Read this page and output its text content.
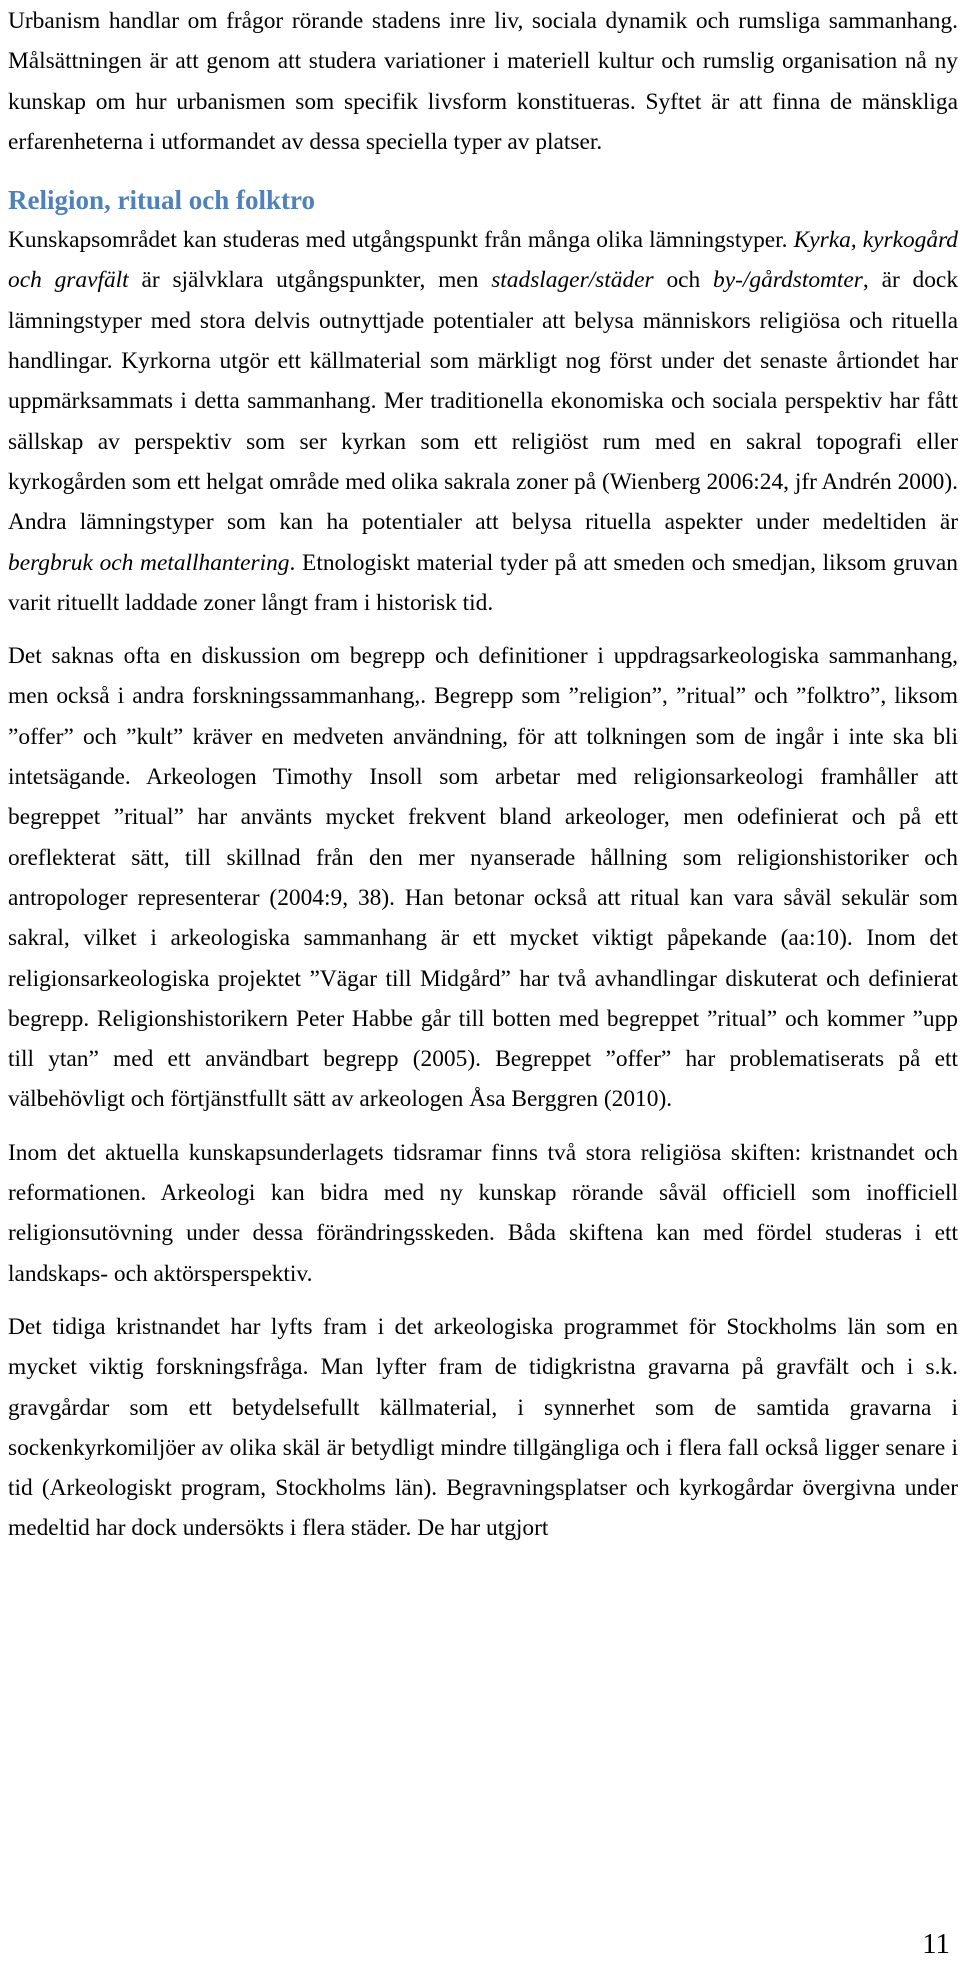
Urbanism handlar om frågor rörande stadens inre liv, sociala dynamik och rumsliga sammanhang. Målsättningen är att genom att studera variationer i materiell kultur och rumslig organisation nå ny kunskap om hur urbanismen som specifik livsform konstitueras. Syftet är att finna de mänskliga erfarenheterna i utformandet av dessa speciella typer av platser.

Religion, ritual och folktro

Kunskapsområdet kan studeras med utgångspunkt från många olika lämningstyper. Kyrka, kyrkogård och gravfält är självklara utgångspunkter, men stadslager/städer och by-/gårdstomter, är dock lämningstyper med stora delvis outnyttjade potentialer att belysa människors religiösa och rituella handlingar. Kyrkorna utgör ett källmaterial som märkligt nog först under det senaste årtiondet har uppmärksammats i detta sammanhang. Mer traditionella ekonomiska och sociala perspektiv har fått sällskap av perspektiv som ser kyrkan som ett religiöst rum med en sakral topografi eller kyrkogården som ett helgat område med olika sakrala zoner på (Wienberg 2006:24, jfr Andrén 2000). Andra lämningstyper som kan ha potentialer att belysa rituella aspekter under medeltiden är bergbruk och metallhantering. Etnologiskt material tyder på att smeden och smedjan, liksom gruvan varit rituellt laddade zoner långt fram i historisk tid.

Det saknas ofta en diskussion om begrepp och definitioner i uppdragsarkeologiska sammanhang, men också i andra forskningssammanhang,. Begrepp som ”religion”, ”ritual” och ”folktro”, liksom ”offer” och ”kult” kräver en medveten användning, för att tolkningen som de ingår i inte ska bli intetsägande. Arkeologen Timothy Insoll som arbetar med religionsarkeologi framhåller att begreppet ”ritual” har använts mycket frekvent bland arkeologer, men odefinierat och på ett oreflekterat sätt, till skillnad från den mer nyanserade hållning som religionshistoriker och antropologer representerar (2004:9, 38). Han betonar också att ritual kan vara såväl sekulär som sakral, vilket i arkeologiska sammanhang är ett mycket viktigt påpekande (aa:10). Inom det religionsarkeologiska projektet ”Vägar till Midgård” har två avhandlingar diskuterat och definierat begrepp. Religionshistorikern Peter Habbe går till botten med begreppet ”ritual” och kommer ”upp till ytan” med ett användbart begrepp (2005). Begreppet ”offer” har problematiserats på ett välbehövligt och förtjänstfullt sätt av arkeologen Åsa Berggren (2010).

Inom det aktuella kunskapsunderlagets tidsramar finns två stora religiösa skiften: kristnandet och reformationen. Arkeologi kan bidra med ny kunskap rörande såväl officiell som inofficiell religionsutövning under dessa förändringsskeden. Båda skiftena kan med fördel studeras i ett landskaps- och aktörsperspektiv.

Det tidiga kristnandet har lyfts fram i det arkeologiska programmet för Stockholms län som en mycket viktig forskningsfråga. Man lyfter fram de tidigkristna gravarna på gravfält och i s.k. gravgårdar som ett betydelsefullt källmaterial, i synnerhet som de samtida gravarna i sockenkyrkomiljöer av olika skäl är betydligt mindre tillgängliga och i flera fall också ligger senare i tid (Arkeologiskt program, Stockholms län). Begravningsplatser och kyrkogårdar övergivna under medeltid har dock undersökts i flera städer. De har utgjort

11
